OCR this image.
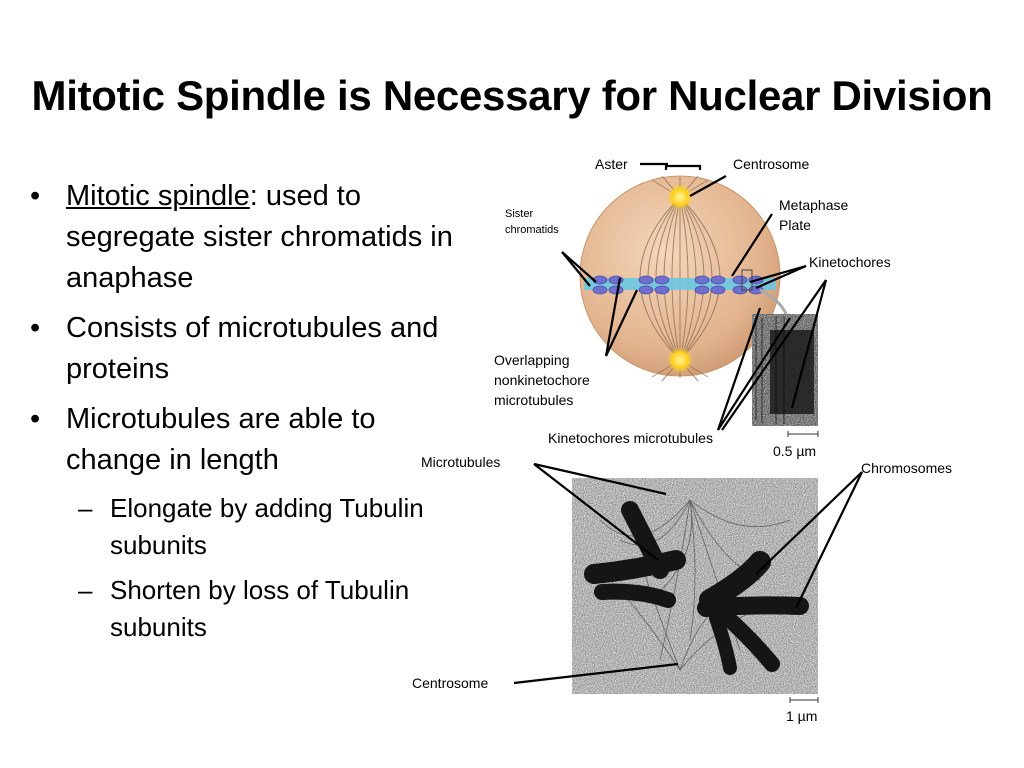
Mitotic Spindle is Necessary for Nuclear Division
• Mitotic spindle: used to segregate sister chromatids in anaphase
• Consists of microtubules and proteins
• Microtubules are able to change in length
– Elongate by adding Tubulin subunits
– Shorten by loss of Tubulin subunits
Aster	Centrosome
Sister chromatids
Metaphase Plate
Kinetochores
Overlapping nonkinetochore microtubules
Kinetochores microtubules
0.5 µm
Microtubules	Chromosomes
Centrosome
1 µm
